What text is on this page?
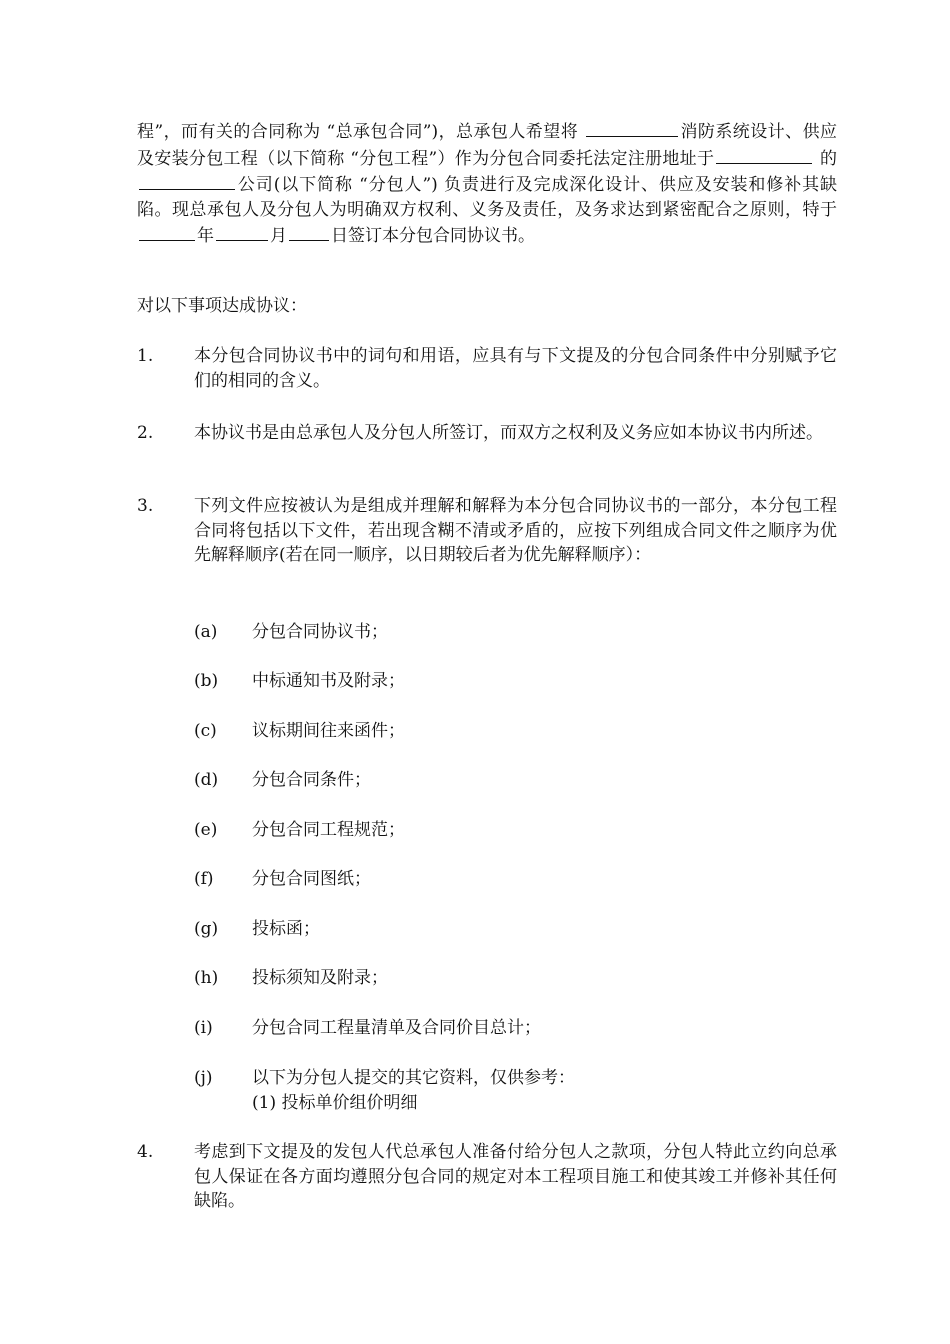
程”，而有关的合同称为 “总承包合同”)，总承包人希望将	消防系统设计、供应及安装分包工程（以下简称 “分包工程”）作为分包合同委托法定注册地址于	的公司(以下简称 “分包人”) 负责进行及完成深化设计、供应及安装和修补其缺陷。现总承包人及分包人为明确双方权利、义务及责任，及务求达到紧密配合之原则，特于 年	月	日签订本分包合同协议书。
对以下事项达成协议：
1.	本分包合同协议书中的词句和用语，应具有与下文提及的分包合同条件中分别赋予它们的相同的含义。
2.	本协议书是由总承包人及分包人所签订，而双方之权利及义务应如本协议书内所述。
3.	下列文件应按被认为是组成并理解和解释为本分包合同协议书的一部分，本分包工程合同将包括以下文件，若出现含糊不清或矛盾的，应按下列组成合同文件之顺序为优先解释顺序(若在同一顺序，以日期较后者为优先解释顺序）：
(a)	分包合同协议书；
(b)	中标通知书及附录；
(c)	议标期间往来函件；
(d)	分包合同条件；
(e)	分包合同工程规范；
(f)	分包合同图纸；
(g)	投标函；
(h)	投标须知及附录；
(i)	分包合同工程量清单及合同价目总计；
(j)	以下为分包人提交的其它资料，仅供参考：
(1) 投标单价组价明细
4.	考虑到下文提及的发包人代总承包人准备付给分包人之款项，分包人特此立约向总承包人保证在各方面均遵照分包合同的规定对本工程项目施工和使其竣工并修补其任何缺陷。
